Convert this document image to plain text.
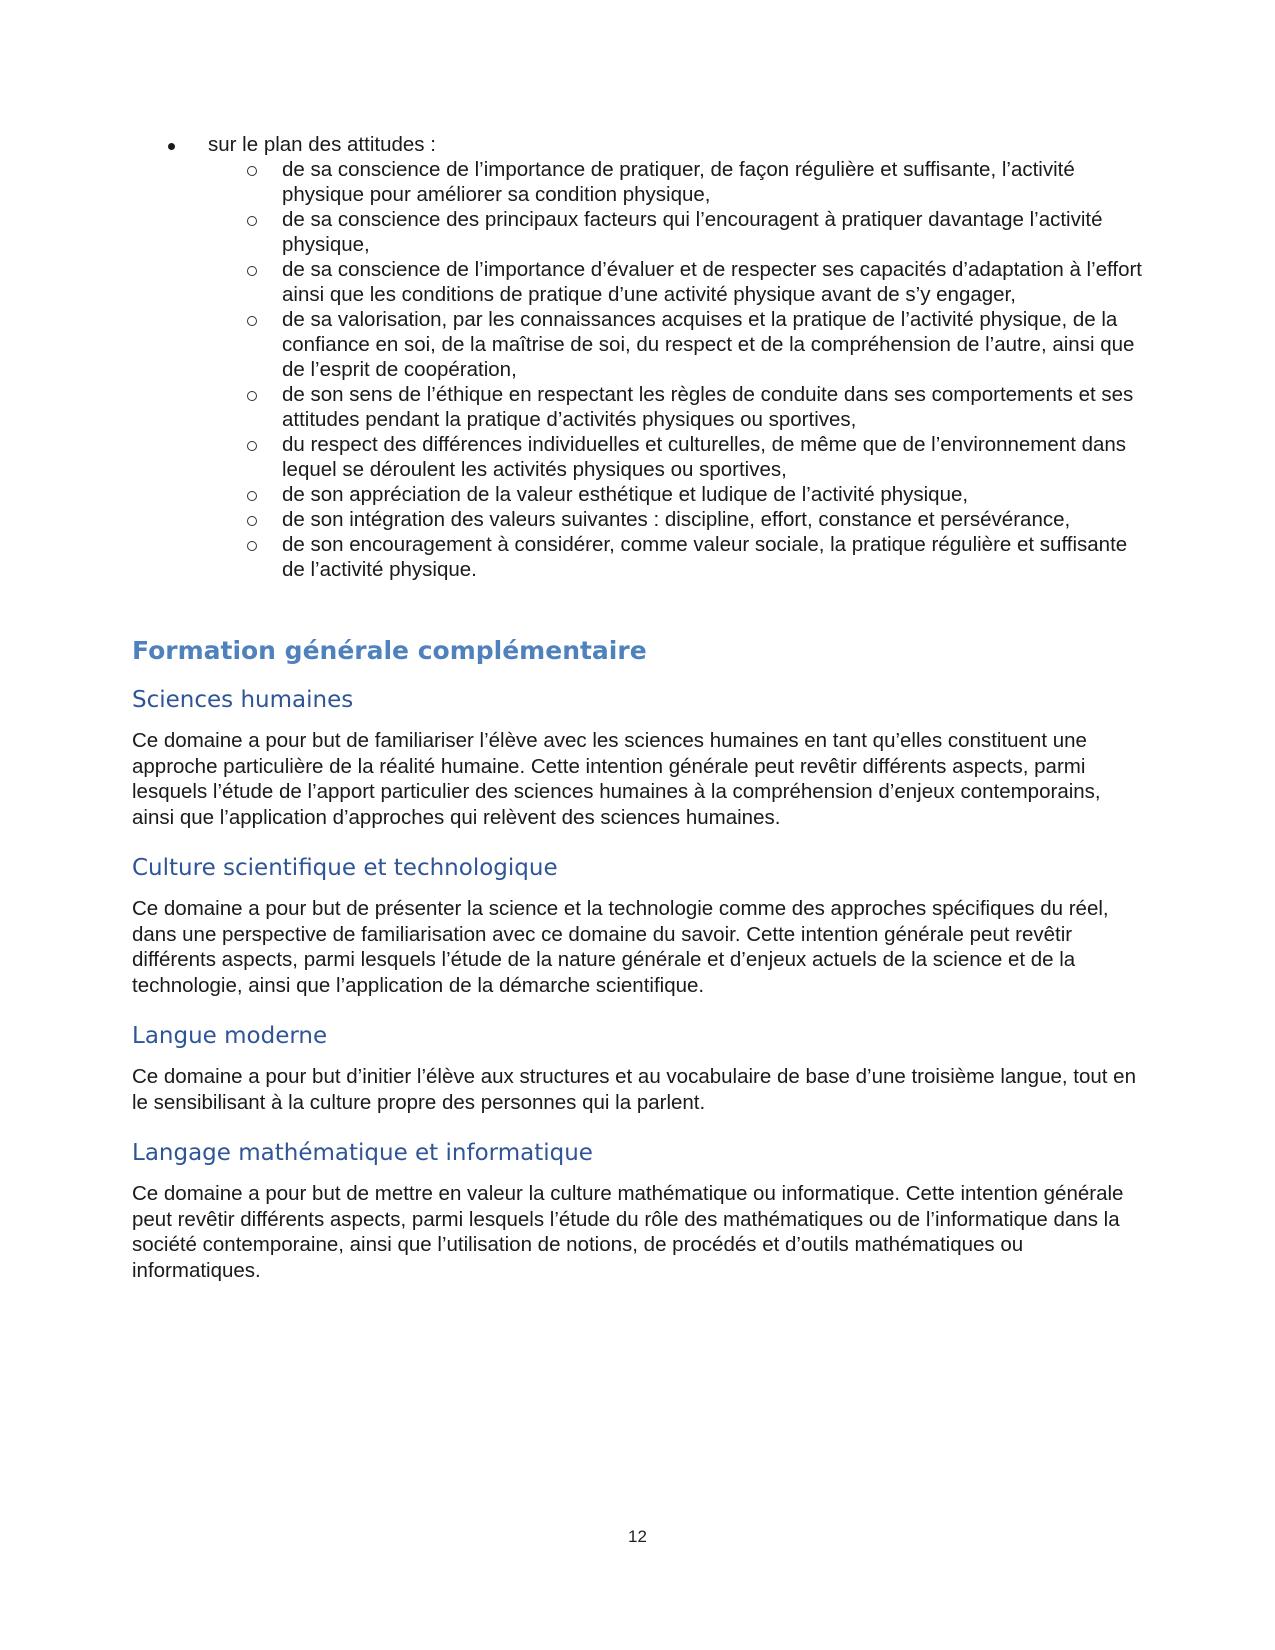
sur le plan des attitudes :
de sa conscience de l’importance de pratiquer, de façon régulière et suffisante, l’activité physique pour améliorer sa condition physique,
de sa conscience des principaux facteurs qui l’encouragent à pratiquer davantage l’activité physique,
de sa conscience de l’importance d’évaluer et de respecter ses capacités d’adaptation à l’effort ainsi que les conditions de pratique d’une activité physique avant de s’y engager,
de sa valorisation, par les connaissances acquises et la pratique de l’activité physique, de la confiance en soi, de la maîtrise de soi, du respect et de la compréhension de l’autre, ainsi que de l’esprit de coopération,
de son sens de l’éthique en respectant les règles de conduite dans ses comportements et ses attitudes pendant la pratique d’activités physiques ou sportives,
du respect des différences individuelles et culturelles, de même que de l’environnement dans lequel se déroulent les activités physiques ou sportives,
de son appréciation de la valeur esthétique et ludique de l’activité physique,
de son intégration des valeurs suivantes : discipline, effort, constance et persévérance,
de son encouragement à considérer, comme valeur sociale, la pratique régulière et suffisante de l’activité physique.
Formation générale complémentaire
Sciences humaines

Ce domaine a pour but de familiariser l’élève avec les sciences humaines en tant qu’elles constituent une approche particulière de la réalité humaine. Cette intention générale peut revêtir différents aspects, parmi lesquels l’étude de l’apport particulier des sciences humaines à la compréhension d’enjeux contemporains, ainsi que l’application d’approches qui relèvent des sciences humaines.

Culture scientifique et technologique

Ce domaine a pour but de présenter la science et la technologie comme des approches spécifiques du réel, dans une perspective de familiarisation avec ce domaine du savoir. Cette intention générale peut revêtir différents aspects, parmi lesquels l’étude de la nature générale et d’enjeux actuels de la science et de la technologie, ainsi que l’application de la démarche scientifique.

Langue moderne

Ce domaine a pour but d’initier l’élève aux structures et au vocabulaire de base d’une troisième langue, tout en le sensibilisant à la culture propre des personnes qui la parlent.

Langage mathématique et informatique

Ce domaine a pour but de mettre en valeur la culture mathématique ou informatique. Cette intention générale peut revêtir différents aspects, parmi lesquels l’étude du rôle des mathématiques ou de l’informatique dans la société contemporaine, ainsi que l’utilisation de notions, de procédés et d’outils mathématiques ou informatiques.

12
